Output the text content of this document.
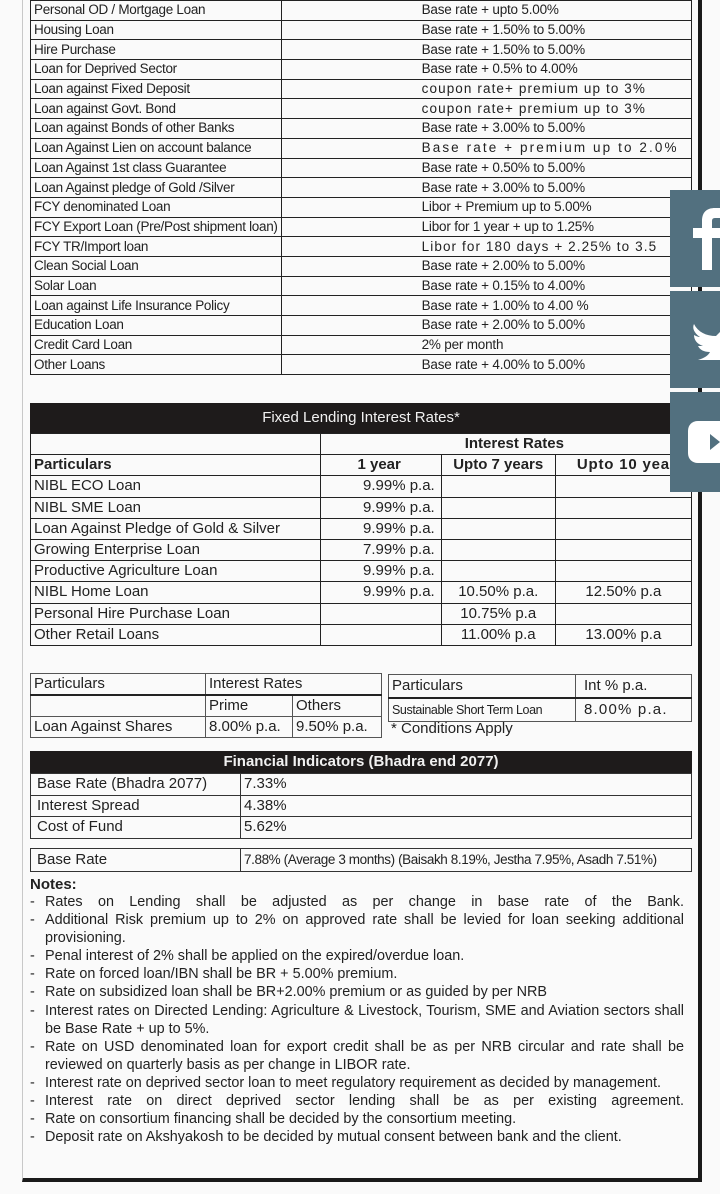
Personal OD / Mortgage Loan	Base rate + upto 5.00%
Housing Loan	Base rate + 1.50% to 5.00%
Hire Purchase	Base rate + 1.50% to 5.00%
Loan for Deprived Sector	Base rate + 0.5% to 4.00%
Loan against Fixed Deposit	coupon rate+ premium up to 3%
Loan against Govt. Bond	coupon rate+ premium up to 3%
Loan against Bonds of other Banks	Base rate + 3.00% to 5.00%
Loan Against Lien on account balance	Base rate + premium up to 2.0%
Loan Against 1st class Guarantee	Base rate + 0.50% to 5.00%
Loan Against pledge of Gold /Silver	Base rate + 3.00% to 5.00%
FCY denominated Loan	Libor + Premium up to 5.00%
FCY Export Loan (Pre/Post shipment loan)	Libor for 1 year + up to 1.25%
FCY TR/Import loan	Libor for 180 days + 2.25% to 3.5
Clean Social Loan	Base rate + 2.00% to 5.00%
Solar Loan	Base rate + 0.15% to 4.00%
Loan against Life Insurance Policy	Base rate + 1.00% to 4.00 %
Education Loan	Base rate + 2.00% to 5.00%
Credit Card Loan	2% per month
Other Loans	Base rate + 4.00% to 5.00%
Fixed Lending Interest Rates*
	Interest Rates		
Particulars	1 year	Upto 7 years	Upto 10 yea
NIBL ECO Loan	9.99% p.a.		
NIBL SME Loan	9.99% p.a.		
Loan Against Pledge of Gold & Silver	9.99% p.a.		
Growing Enterprise Loan	7.99% p.a.		
Productive Agriculture Loan	9.99% p.a.		
NIBL Home Loan	9.99% p.a.	10.50% p.a.	12.50% p.a
Personal Hire Purchase Loan		10.75% p.a	
Other Retail Loans		11.00% p.a	13.00% p.a
Particulars	Interest Rates	
	Prime	Others
Loan Against Shares	8.00% p.a.	9.50% p.a.
Particulars	Int % p.a.
Sustainable Short Term Loan	8.00% p.a.
* Conditions Apply
Financial Indicators (Bhadra end 2077)
Base Rate (Bhadra 2077)	7.33%
Interest Spread	4.38%
Cost of Fund	5.62%
Base Rate	7.88% (Average 3 months) (Baisakh 8.19%, Jestha 7.95%, Asadh 7.51%)
Notes:
- Rates on Lending shall be adjusted as per change in base rate of the Bank.
- Additional Risk premium up to 2% on approved rate shall be levied for loan seeking additional provisioning.
- Penal interest of 2% shall be applied on the expired/overdue loan.
- Rate on forced loan/IBN shall be BR + 5.00% premium.
- Rate on subsidized loan shall be BR+2.00% premium or as guided by per NRB
- Interest rates on Directed Lending: Agriculture & Livestock, Tourism, SME and Aviation sectors shall be Base Rate + up to 5%.
- Rate on USD denominated loan for export credit shall be as per NRB circular and rate shall be reviewed on quarterly basis as per change in LIBOR rate.
- Interest rate on deprived sector loan to meet regulatory requirement as decided by management.
- Interest rate on direct deprived sector lending shall be as per existing agreement.
- Rate on consortium financing shall be decided by the consortium meeting.
- Deposit rate on Akshyakosh to be decided by mutual consent between bank and the client.
